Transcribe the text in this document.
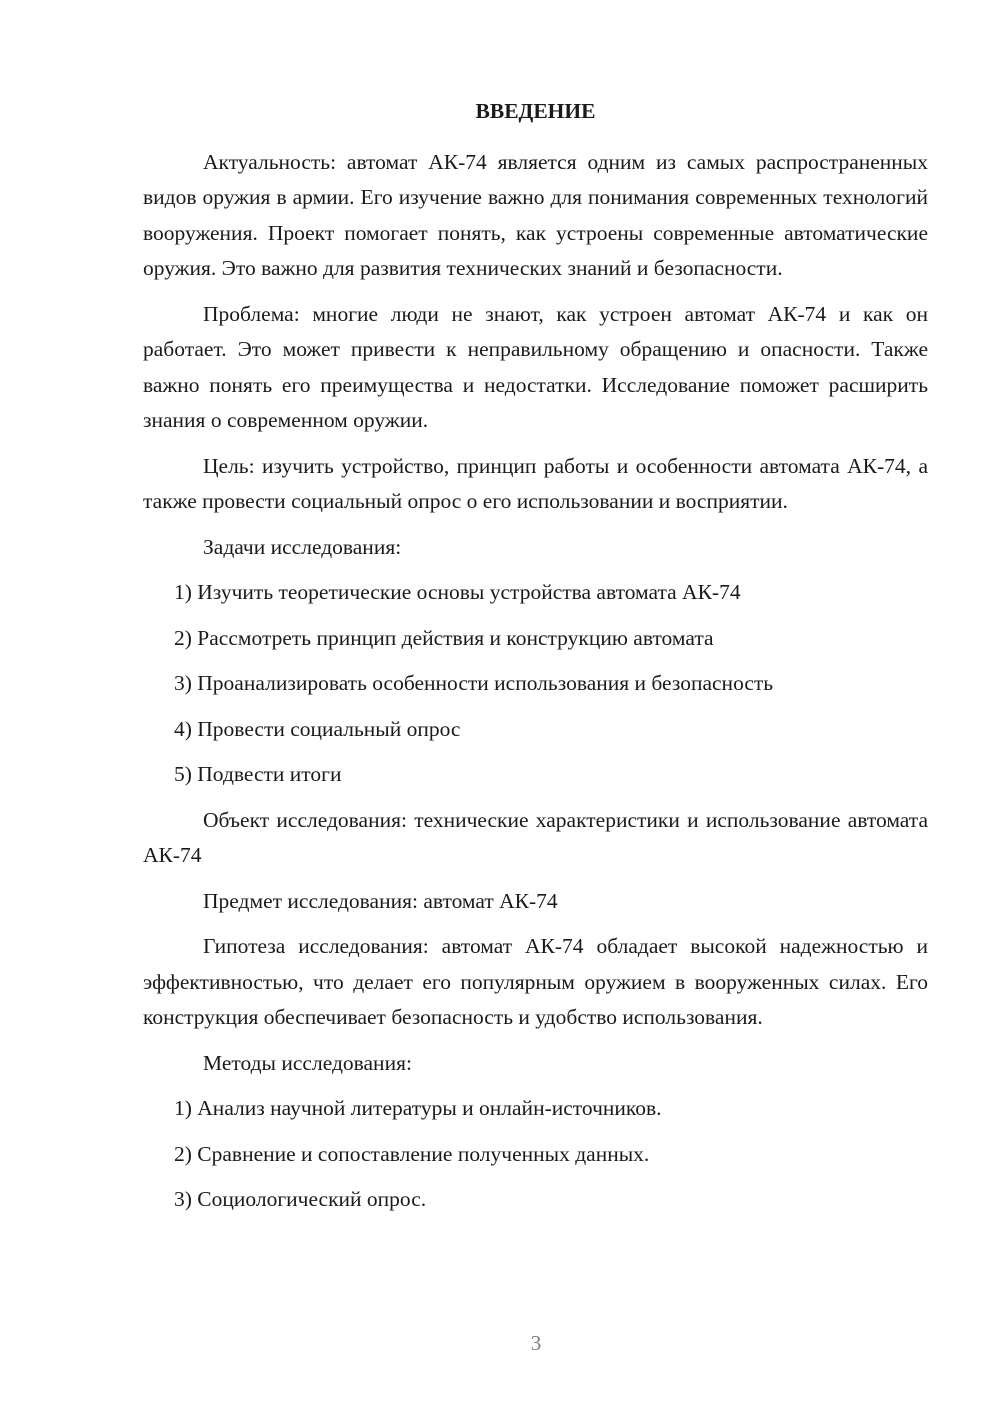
ВВЕДЕНИЕ

Актуальность: автомат АК-74 является одним из самых распространенных видов оружия в армии. Его изучение важно для понимания современных технологий вооружения. Проект помогает понять, как устроены современные автоматические оружия. Это важно для развития технических знаний и безопасности.

Проблема: многие люди не знают, как устроен автомат АК-74 и как он работает. Это может привести к неправильному обращению и опасности. Также важно понять его преимущества и недостатки. Исследование поможет расширить знания о современном оружии.

Цель: изучить устройство, принцип работы и особенности автомата АК-74, а также провести социальный опрос о его использовании и восприятии.

Задачи исследования:

1) Изучить теоретические основы устройства автомата АК-74

2) Рассмотреть принцип действия и конструкцию автомата

3) Проанализировать особенности использования и безопасность

4) Провести социальный опрос

5) Подвести итоги

Объект исследования: технические характеристики и использование автомата АК-74

Предмет исследования: автомат АК-74

Гипотеза исследования: автомат АК-74 обладает высокой надежностью и эффективностью, что делает его популярным оружием в вооруженных силах. Его конструкция обеспечивает безопасность и удобство использования.

Методы исследования:

1) Анализ научной литературы и онлайн-источников.

2) Сравнение и сопоставление полученных данных.

3) Социологический опрос.

3
